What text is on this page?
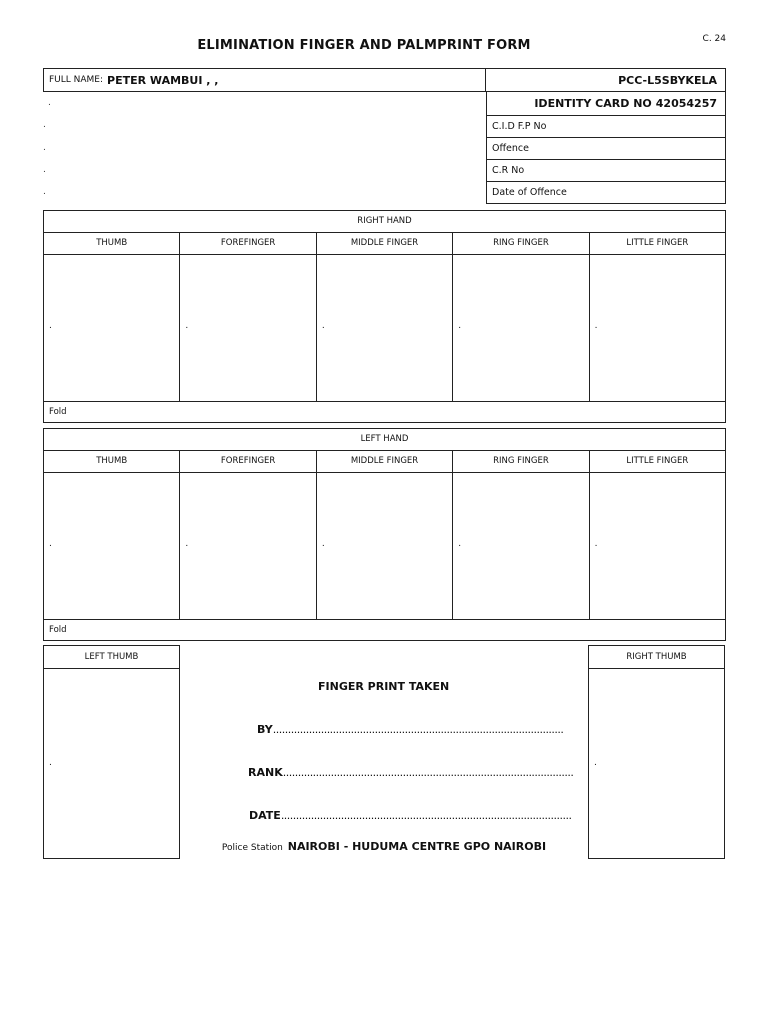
C. 24
ELIMINATION FINGER AND PALMPRINT FORM
FULL NAME: PETER WAMBUI , ,	PCC-L5SBYKELA
IDENTITY CARD NO 42054257
C.I.D F.P No
Offence
C.R No
Date of Offence
.
.
.
.
.
RIGHT HAND
THUMB	FOREFINGER	MIDDLE FINGER	RING FINGER	LITTLE FINGER
.	.	.	.	.
Fold
LEFT HAND
THUMB	FOREFINGER	MIDDLE FINGER	RING FINGER	LITTLE FINGER
.	.	.	.	.
Fold
LEFT THUMB
.
RIGHT THUMB
.
FINGER PRINT TAKEN
BY.................................................................................................
RANK.................................................................................................
DATE.................................................................................................
Police Station NAIROBI - HUDUMA CENTRE GPO NAIROBI
